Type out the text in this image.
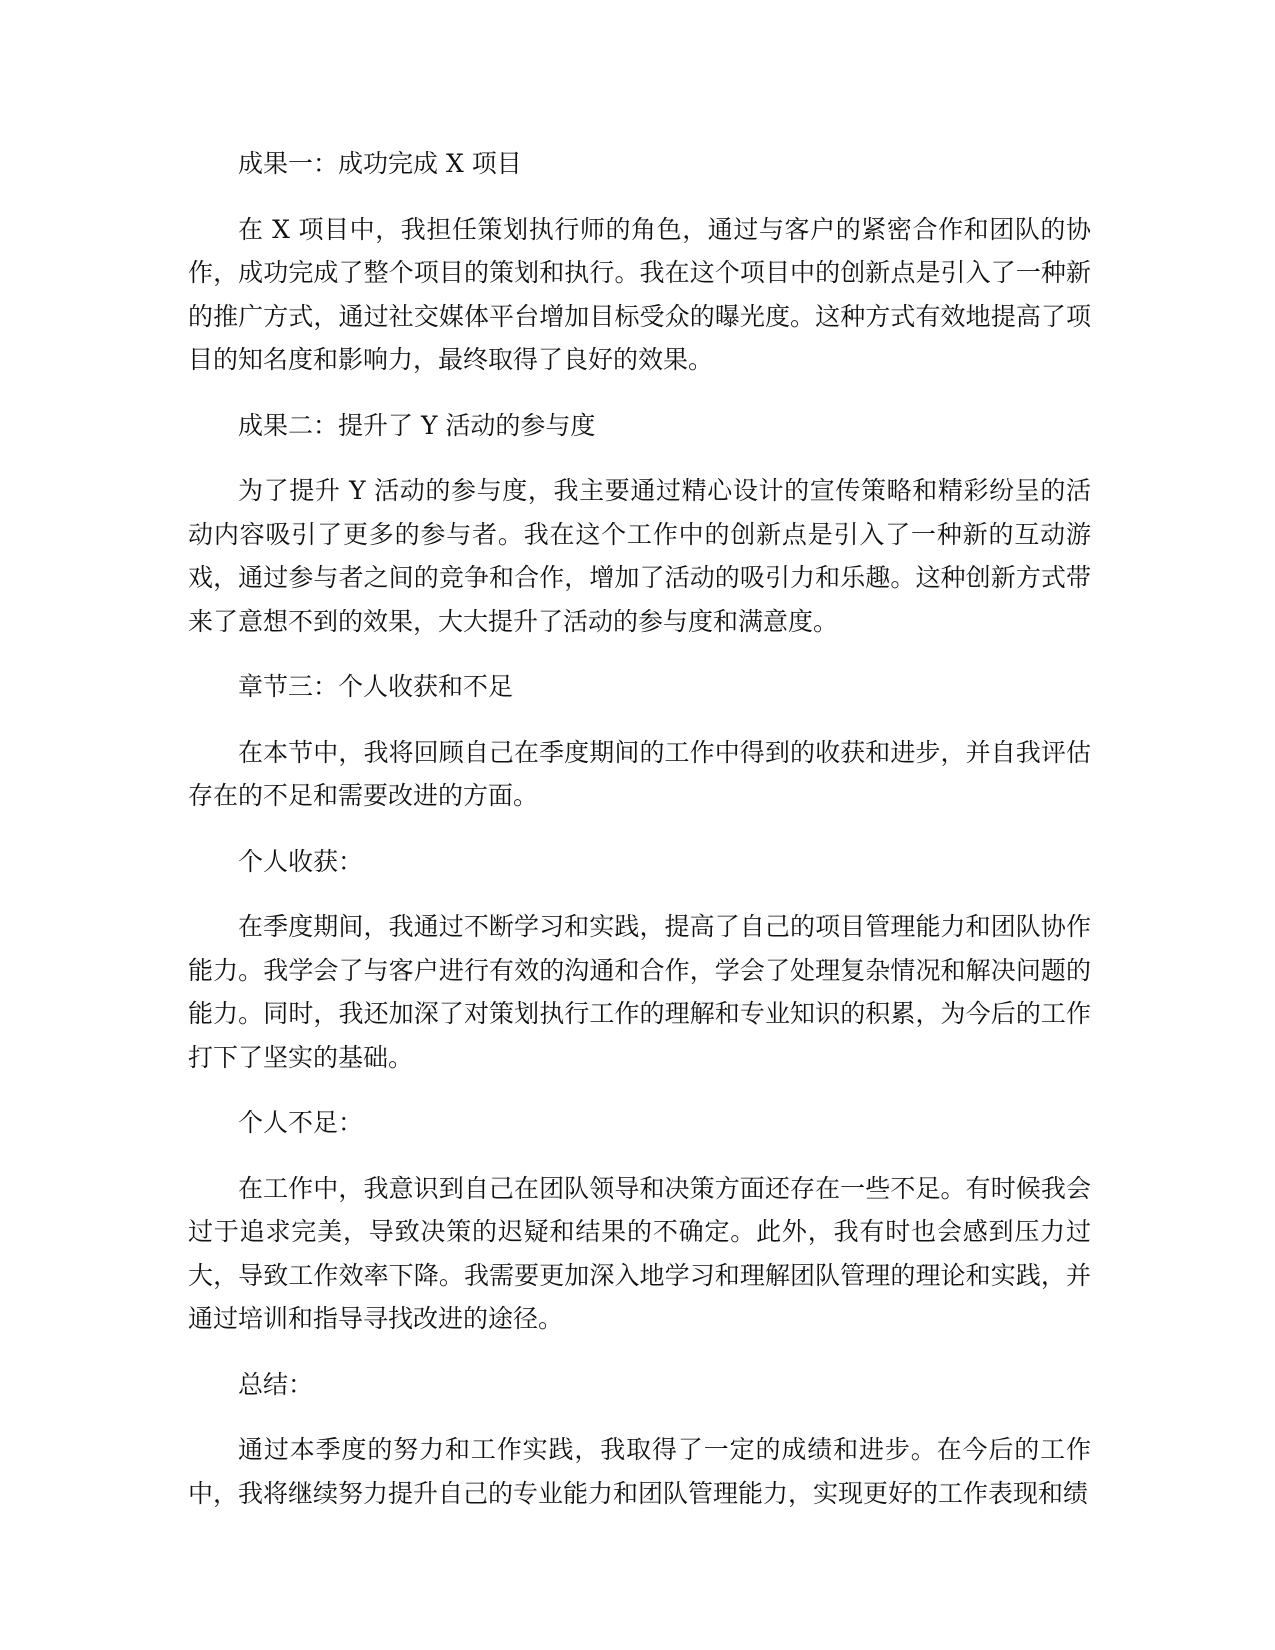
成果一：成功完成 X 项目

在 X 项目中，我担任策划执行师的角色，通过与客户的紧密合作和团队的协作，成功完成了整个项目的策划和执行。我在这个项目中的创新点是引入了一种新的推广方式，通过社交媒体平台增加目标受众的曝光度。这种方式有效地提高了项目的知名度和影响力，最终取得了良好的效果。

成果二：提升了 Y 活动的参与度

为了提升 Y 活动的参与度，我主要通过精心设计的宣传策略和精彩纷呈的活动内容吸引了更多的参与者。我在这个工作中的创新点是引入了一种新的互动游戏，通过参与者之间的竞争和合作，增加了活动的吸引力和乐趣。这种创新方式带来了意想不到的效果，大大提升了活动的参与度和满意度。

章节三：个人收获和不足

在本节中，我将回顾自己在季度期间的工作中得到的收获和进步，并自我评估存在的不足和需要改进的方面。

个人收获：

在季度期间，我通过不断学习和实践，提高了自己的项目管理能力和团队协作能力。我学会了与客户进行有效的沟通和合作，学会了处理复杂情况和解决问题的能力。同时，我还加深了对策划执行工作的理解和专业知识的积累，为今后的工作打下了坚实的基础。

个人不足：

在工作中，我意识到自己在团队领导和决策方面还存在一些不足。有时候我会过于追求完美，导致决策的迟疑和结果的不确定。此外，我有时也会感到压力过大，导致工作效率下降。我需要更加深入地学习和理解团队管理的理论和实践，并通过培训和指导寻找改进的途径。

总结：

通过本季度的努力和工作实践，我取得了一定的成绩和进步。在今后的工作中，我将继续努力提升自己的专业能力和团队管理能力，实现更好的工作表现和绩
